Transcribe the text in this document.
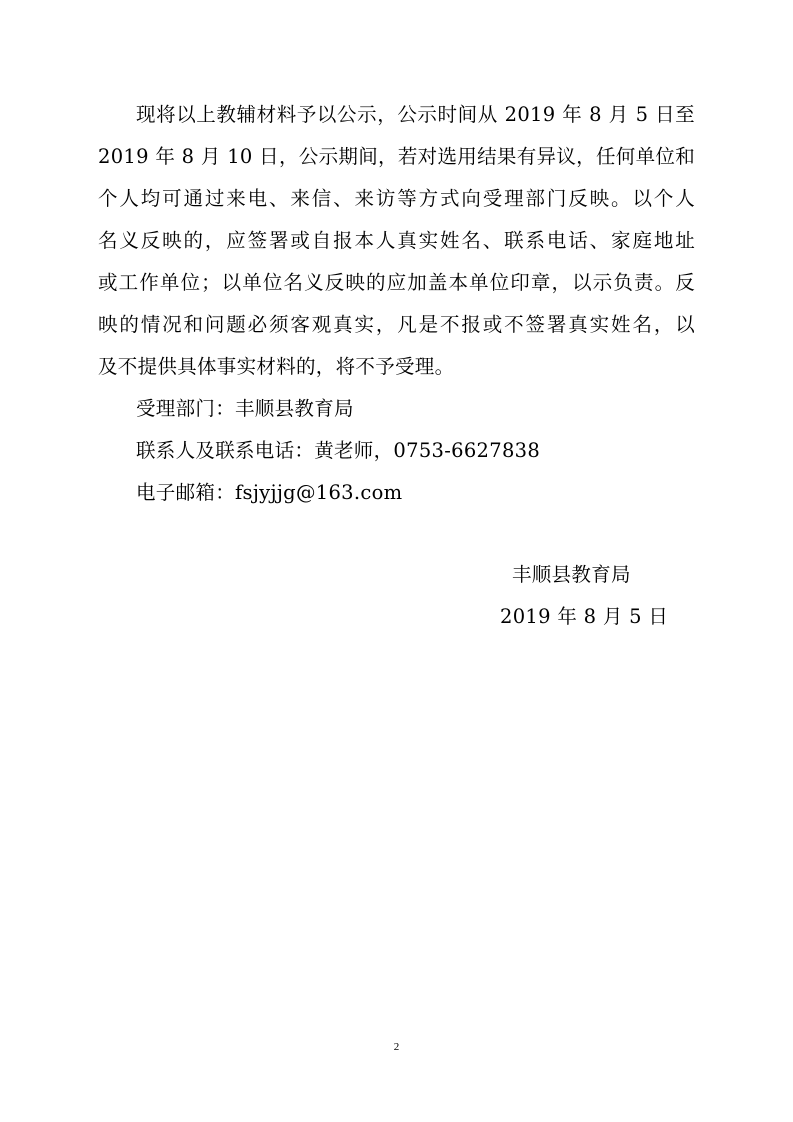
现将以上教辅材料予以公示，公示时间从 2019 年 8 月 5 日至
2019 年 8 月 10 日，公示期间，若对选用结果有异议，任何单位和
个人均可通过来电、来信、来访等方式向受理部门反映。以个人
名义反映的，应签署或自报本人真实姓名、联系电话、家庭地址
或工作单位；以单位名义反映的应加盖本单位印章，以示负责。反
映的情况和问题必须客观真实，凡是不报或不签署真实姓名，以
及不提供具体事实材料的，将不予受理。
受理部门：丰顺县教育局
联系人及联系电话：黄老师，0753-6627838
电子邮箱：fsjyjjg@163.com
丰顺县教育局
2019 年 8 月 5 日
2
